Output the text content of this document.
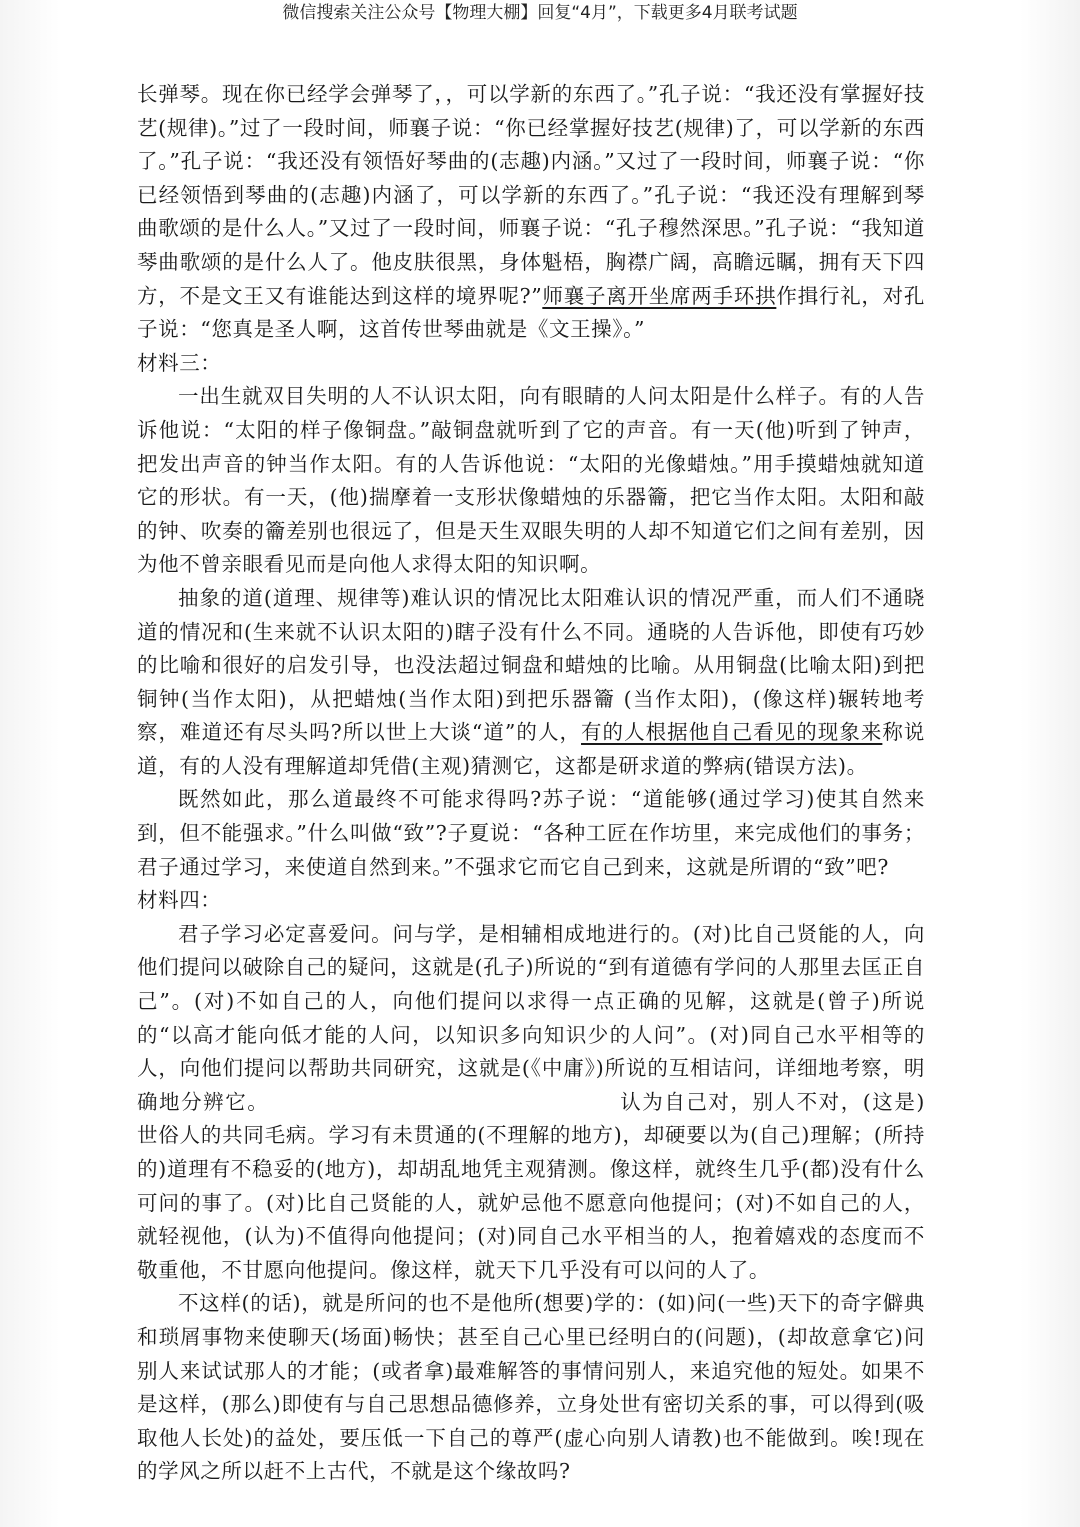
微信搜索关注公众号【物理大棚】回复“4月”，下载更多4月联考试题

长弹琴。现在你已经学会弹琴了，，可以学新的东西了。”孔子说：“我还没有掌握好技艺(规律)。”过了一段时间，师襄子说：“你已经掌握好技艺(规律)了，可以学新的东西了。”孔子说：“我还没有领悟好琴曲的(志趣)内涵。”又过了一段时间，师襄子说：“你已经领悟到琴曲的(志趣)内涵了，可以学新的东西了。”孔子说：“我还没有理解到琴曲歌颂的是什么人。”又过了一段时间，师襄子说：“孔子穆然深思。”孔子说：“我知道琴曲歌颂的是什么人了。他皮肤很黑，身体魁梧，胸襟广阔，高瞻远瞩，拥有天下四方，不是文王又有谁能达到这样的境界呢?”师襄子离开坐席两手环拱作揖行礼，对孔子说：“您真是圣人啊，这首传世琴曲就是《文王操》。”

材料三：

一出生就双目失明的人不认识太阳，向有眼睛的人问太阳是什么样子。有的人告诉他说：“太阳的样子像铜盘。”敲铜盘就听到了它的声音。有一天(他)听到了钟声，把发出声音的钟当作太阳。有的人告诉他说：“太阳的光像蜡烛。”用手摸蜡烛就知道它的形状。有一天，(他)揣摩着一支形状像蜡烛的乐器籥，把它当作太阳。太阳和敲的钟、吹奏的籥差别也很远了，但是天生双眼失明的人却不知道它们之间有差别，因为他不曾亲眼看见而是向他人求得太阳的知识啊。

抽象的道(道理、规律等)难认识的情况比太阳难认识的情况严重，而人们不通晓道的情况和(生来就不认识太阳的)瞎子没有什么不同。通晓的人告诉他，即使有巧妙的比喻和很好的启发引导，也没法超过铜盘和蜡烛的比喻。从用铜盘(比喻太阳)到把铜钟(当作太阳)，从把蜡烛(当作太阳)到把乐器籥 (当作太阳)，(像这样)辗转地考察，难道还有尽头吗?所以世上大谈“道”的人，有的人根据他自己看见的现象来称说道，有的人没有理解道却凭借(主观)猜测它，这都是研求道的弊病(错误方法)。

既然如此，那么道最终不可能求得吗?苏子说：“道能够(通过学习)使其自然来到，但不能强求。”什么叫做“致”?子夏说：“各种工匠在作坊里，来完成他们的事务；君子通过学习，来使道自然到来。”不强求它而它自己到来，这就是所谓的“致”吧?

材料四：

君子学习必定喜爱问。问与学，是相辅相成地进行的。(对)比自己贤能的人，向他们提问以破除自己的疑问，这就是(孔子)所说的“到有道德有学问的人那里去匡正自己”。(对)不如自己的人，向他们提问以求得一点正确的见解，这就是(曾子)所说的“以高才能向低才能的人问，以知识多向知识少的人问”。(对)同自己水平相等的人，向他们提问以帮助共同研究，这就是(《中庸》)所说的互相诘问，详细地考察，明确地分辨它。	认为自己对，别人不对，(这是)世俗人的共同毛病。学习有未贯通的(不理解的地方)，却硬要以为(自己)理解；(所持的)道理有不稳妥的(地方)，却胡乱地凭主观猜测。像这样，就终生几乎(都)没有什么可问的事了。(对)比自己贤能的人，就妒忌他不愿意向他提问；(对)不如自己的人，就轻视他，(认为)不值得向他提问；(对)同自己水平相当的人，抱着嬉戏的态度而不敬重他，不甘愿向他提问。像这样，就天下几乎没有可以问的人了。

不这样(的话)，就是所问的也不是他所(想要)学的：(如)问(一些)天下的奇字僻典和琐屑事物来使聊天(场面)畅快；甚至自己心里已经明白的(问题)，(却故意拿它)问别人来试试那人的才能；(或者拿)最难解答的事情问别人，来追究他的短处。如果不是这样，(那么)即使有与自己思想品德修养，立身处世有密切关系的事，可以得到(吸取他人长处)的益处，要压低一下自己的尊严(虚心向别人请教)也不能做到。唉!现在的学风之所以赶不上古代，不就是这个缘故吗?
